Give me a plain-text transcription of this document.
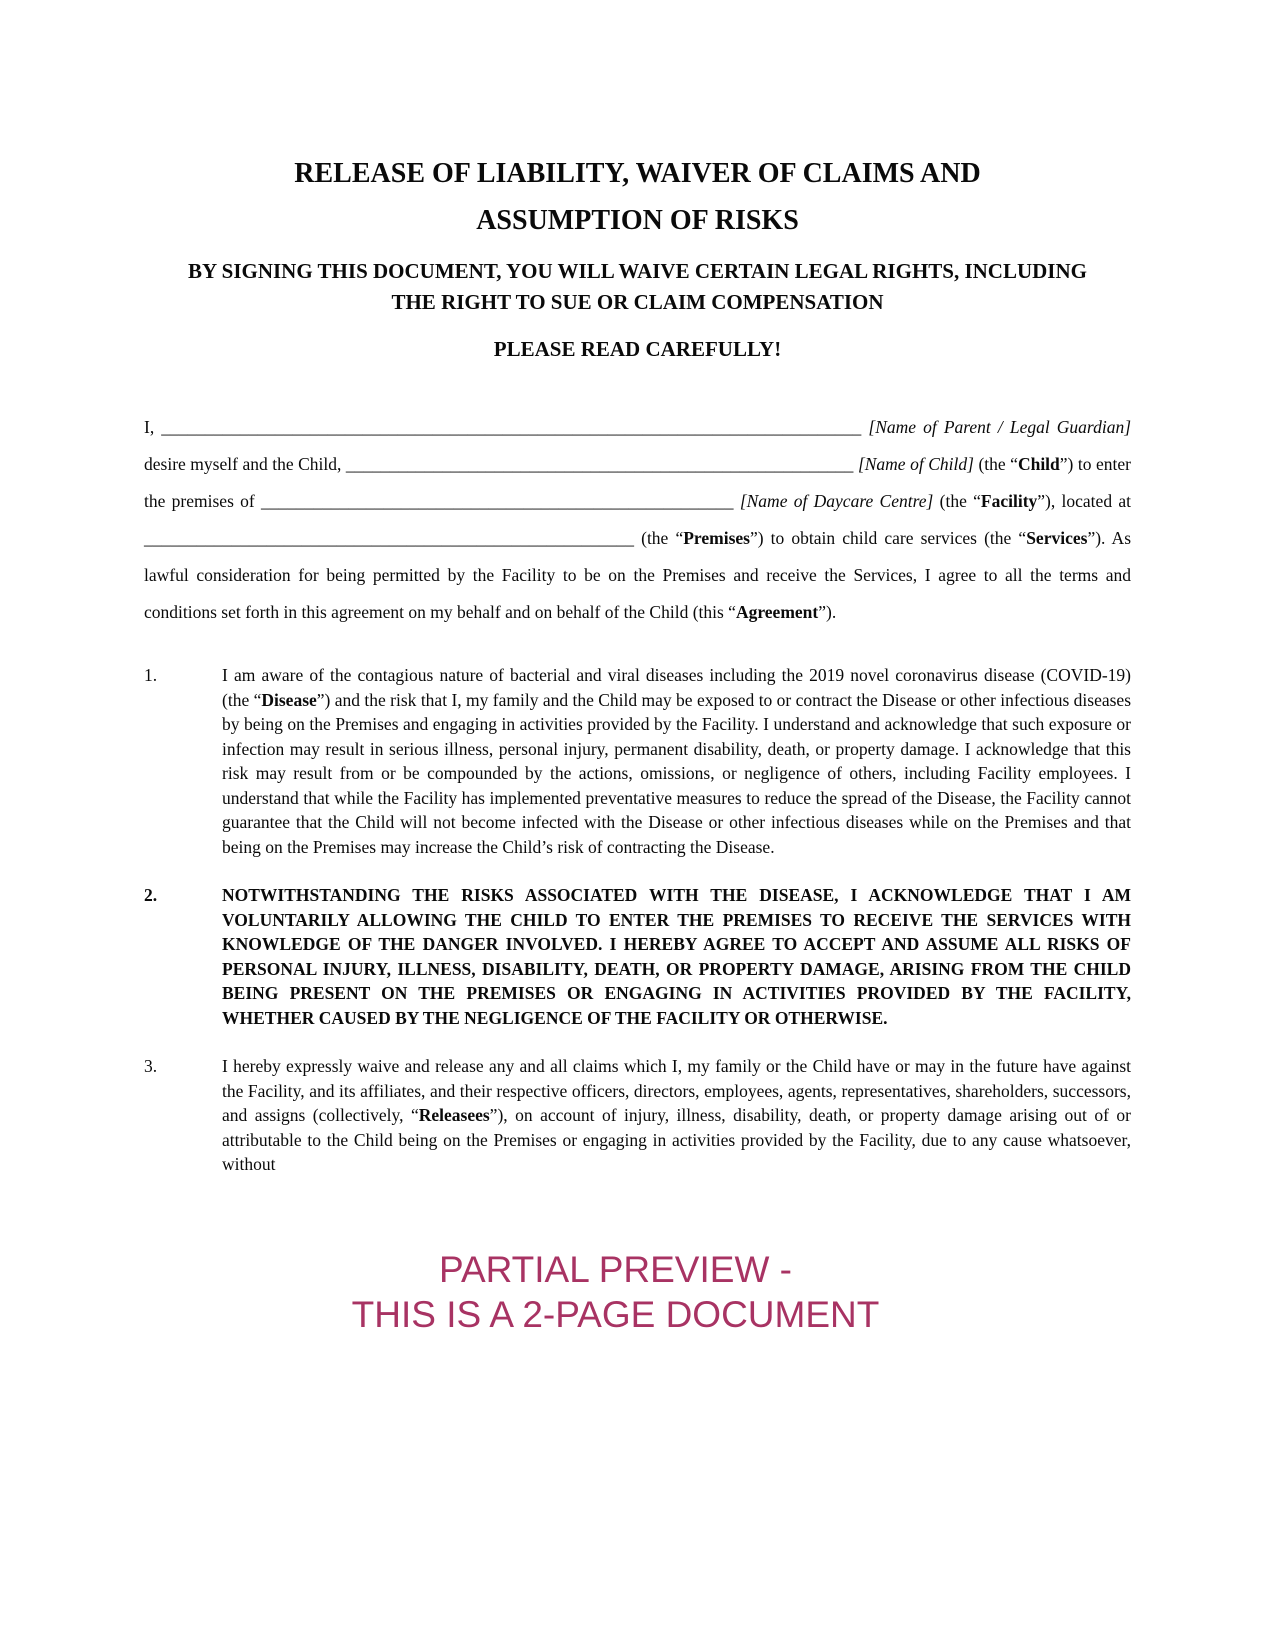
RELEASE OF LIABILITY, WAIVER OF CLAIMS AND ASSUMPTION OF RISKS
BY SIGNING THIS DOCUMENT, YOU WILL WAIVE CERTAIN LEGAL RIGHTS, INCLUDING THE RIGHT TO SUE OR CLAIM COMPENSATION
PLEASE READ CAREFULLY!

I, ________________________________________________________________________________ [Name of Parent / Legal Guardian] desire myself and the Child, __________________________________________________________ [Name of Child] (the “Child”) to enter the premises of ______________________________________________________ [Name of Daycare Centre] (the “Facility”), located at ________________________________________________________ (the “Premises”) to obtain child care services (the “Services”). As lawful consideration for being permitted by the Facility to be on the Premises and receive the Services, I agree to all the terms and conditions set forth in this agreement on my behalf and on behalf of the Child (this “Agreement”).

1.	I am aware of the contagious nature of bacterial and viral diseases including the 2019 novel coronavirus disease (COVID-19) (the “Disease”) and the risk that I, my family and the Child may be exposed to or contract the Disease or other infectious diseases by being on the Premises and engaging in activities provided by the Facility. I understand and acknowledge that such exposure or infection may result in serious illness, personal injury, permanent disability, death, or property damage. I acknowledge that this risk may result from or be compounded by the actions, omissions, or negligence of others, including Facility employees. I understand that while the Facility has implemented preventative measures to reduce the spread of the Disease, the Facility cannot guarantee that the Child will not become infected with the Disease or other infectious diseases while on the Premises and that being on the Premises may increase the Child’s risk of contracting the Disease.
2.	NOTWITHSTANDING THE RISKS ASSOCIATED WITH THE DISEASE, I ACKNOWLEDGE THAT I AM VOLUNTARILY ALLOWING THE CHILD TO ENTER THE PREMISES TO RECEIVE THE SERVICES WITH KNOWLEDGE OF THE DANGER INVOLVED. I HEREBY AGREE TO ACCEPT AND ASSUME ALL RISKS OF PERSONAL INJURY, ILLNESS, DISABILITY, DEATH, OR PROPERTY DAMAGE, ARISING FROM THE CHILD BEING PRESENT ON THE PREMISES OR ENGAGING IN ACTIVITIES PROVIDED BY THE FACILITY, WHETHER CAUSED BY THE NEGLIGENCE OF THE FACILITY OR OTHERWISE.
3.	I hereby expressly waive and release any and all claims which I, my family or the Child have or may in the future have against the Facility, and its affiliates, and their respective officers, directors, employees, agents, representatives, shareholders, successors, and assigns (collectively, “Releasees”), on account of injury, illness, disability, death, or property damage arising out of or attributable to the Child being on the Premises or engaging in activities provided by the Facility, due to any cause whatsoever, without
PARTIAL PREVIEW -
THIS IS A 2-PAGE DOCUMENT
